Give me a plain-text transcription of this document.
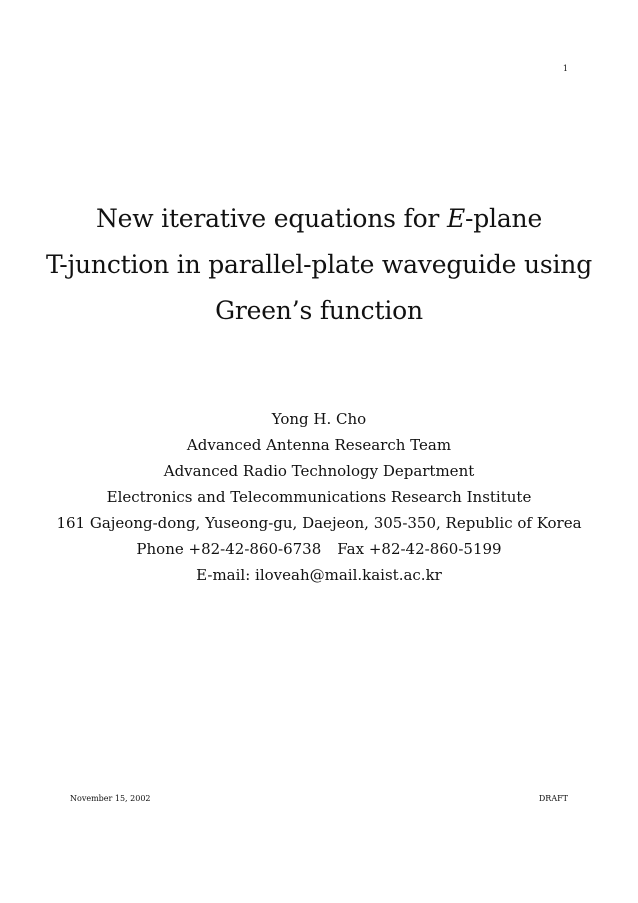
1
New iterative equations for E-plane
T-junction in parallel-plate waveguide using
Green’s function
Yong H. Cho
Advanced Antenna Research Team
Advanced Radio Technology Department
Electronics and Telecommunications Research Institute
161 Gajeong-dong, Yuseong-gu, Daejeon, 305-350, Republic of Korea
Phone +82-42-860-6738 Fax +82-42-860-5199
E-mail: iloveah@mail.kaist.ac.kr
November 15, 2002	DRAFT
